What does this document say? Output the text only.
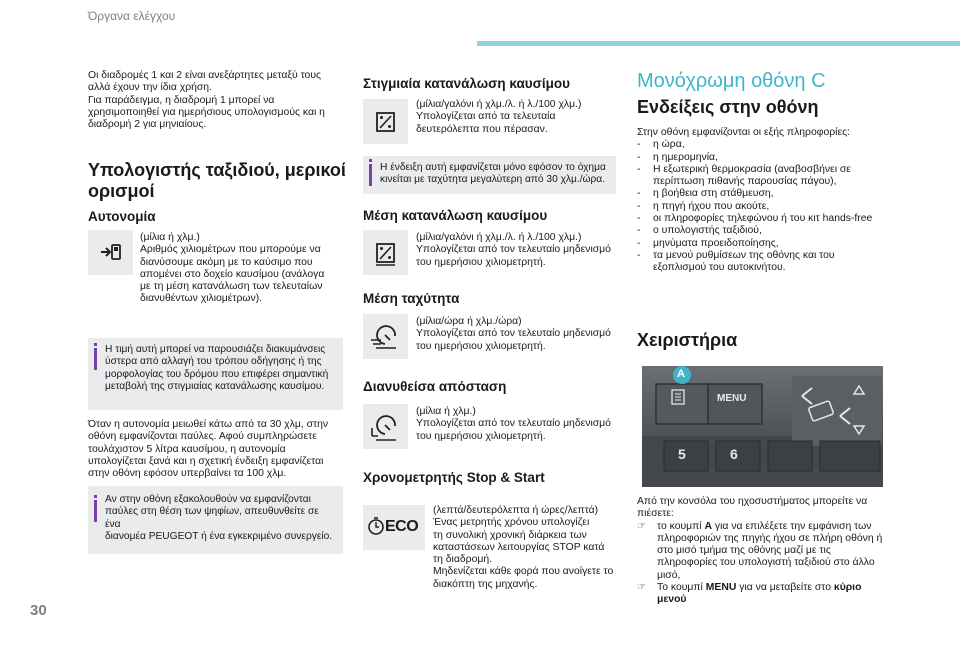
Όργανα ελέγχου

Οι διαδρομές 1 και 2 είναι ανεξάρτητες μεταξύ τους

αλλά έχουν την ίδια χρήση.

Για παράδειγμα, η διαδρομή 1 μπορεί να

χρησιμοποιηθεί για ημερήσιους υπολογισμούς και η

διαδρομή 2 για μηνιαίους.

Υπολογιστής ταξιδιού, μερικοί
ορισμοί
Αυτονομία

(μίλια ή χλμ.)

Αριθμός χιλιομέτρων που μπορούμε να

διανύσουμε ακόμη με το καύσιμο που

απομένει στο δοχείο καυσίμου (ανάλογα

με τη μέση κατανάλωση των τελευταίων

διανυθέντων χιλιομέτρων).

Η τιμή αυτή μπορεί να παρουσιάζει διακυμάνσεις
ύστερα από αλλαγή του τρόπου οδήγησης ή της
μορφολογίας του δρόμου που επιφέρει σημαντική
μεταβολή της στιγμιαίας κατανάλωσης καυσίμου.

Όταν η αυτονομία μειωθεί κάτω από τα 30 χλμ, στην

οθόνη εμφανίζονται παύλες. Αφού συμπληρώσετε

τουλάχιστον 5 λίτρα καυσίμου, η αυτονομία

υπολογίζεται ξανά και η σχετική ένδειξη εμφανίζεται

στην οθόνη εφόσον υπερβαίνει τα 100 χλμ.

Αν στην οθόνη εξακολουθούν να εμφανίζονται
παύλες στη θέση των ψηφίων, απευθυνθείτε σε ένα
διανομέα PEUGEOT ή ένα εγκεκριμένο συνεργείο.
Στιγμιαία κατανάλωση καυσίμου

(μίλια/γαλόνι ή χλμ./λ. ή λ./100 χλμ.)

Υπολογίζεται από τα τελευταία

δευτερόλεπτα που πέρασαν.

Η ένδειξη αυτή εμφανίζεται μόνο εφόσον το όχημα
κινείται με ταχύτητα μεγαλύτερη από 30 χλμ./ώρα.
Μέση κατανάλωση καυσίμου

(μίλια/γαλόνι ή χλμ./λ. ή λ./100 χλμ.)

Υπολογίζεται από τον τελευταίο μηδενισμό

του ημερήσιου χιλιομετρητή.

Μέση ταχύτητα

(μίλια/ώρα ή χλμ./ώρα)

Υπολογίζεται από τον τελευταίο μηδενισμό

του ημερήσιου χιλιομετρητή.

Διανυθείσα απόσταση

(μίλια ή χλμ.)

Υπολογίζεται από τον τελευταίο μηδενισμό

του ημερήσιου χιλιομετρητή.

Χρονομετρητής Stop & Start
ECO

(λεπτά/δευτερόλεπτα ή ώρες/λεπτά)

Ένας μετρητής χρόνου υπολογίζει

τη συνολική χρονική διάρκεια των

καταστάσεων λειτουργίας STOP κατά

τη διαδρομή.

Μηδενίζεται κάθε φορά που ανοίγετε το

διακόπτη της μηχανής.

Μονόχρωμη οθόνη C
Ενδείξεις στην οθόνη

Στην οθόνη εμφανίζονται οι εξής πληροφορίες:

- η ώρα,
- η ημερομηνία,
- Η εξωτερική θερμοκρασία (αναβοσβήνει σε περίπτωση πιθανής παρουσίας πάγου),
- η βοήθεια στη στάθμευση,
- η πηγή ήχου που ακούτε,
- οι πληροφορίες τηλεφώνου ή του κιτ hands-free
- ο υπολογιστής ταξιδιού,
- μηνύματα προειδοποίησης,
- τα μενού ρυθμίσεων της οθόνης και του εξοπλισμού του αυτοκινήτου.
Χειριστήρια
A
MENU
5	6

Από την κονσόλα του ηχοσυστήματος μπορείτε να

πιέσετε:

☞ το κουμπί A για να επιλέξετε την εμφάνιση των πληροφοριών της πηγής ήχου σε πλήρη οθόνη ή στο μισό τμήμα της οθόνης μαζί με τις πληροφορίες του υπολογιστή ταξιδιού στο άλλο μισό,
☞ Το κουμπί MENU για να μεταβείτε στο κύριο μενού
30
